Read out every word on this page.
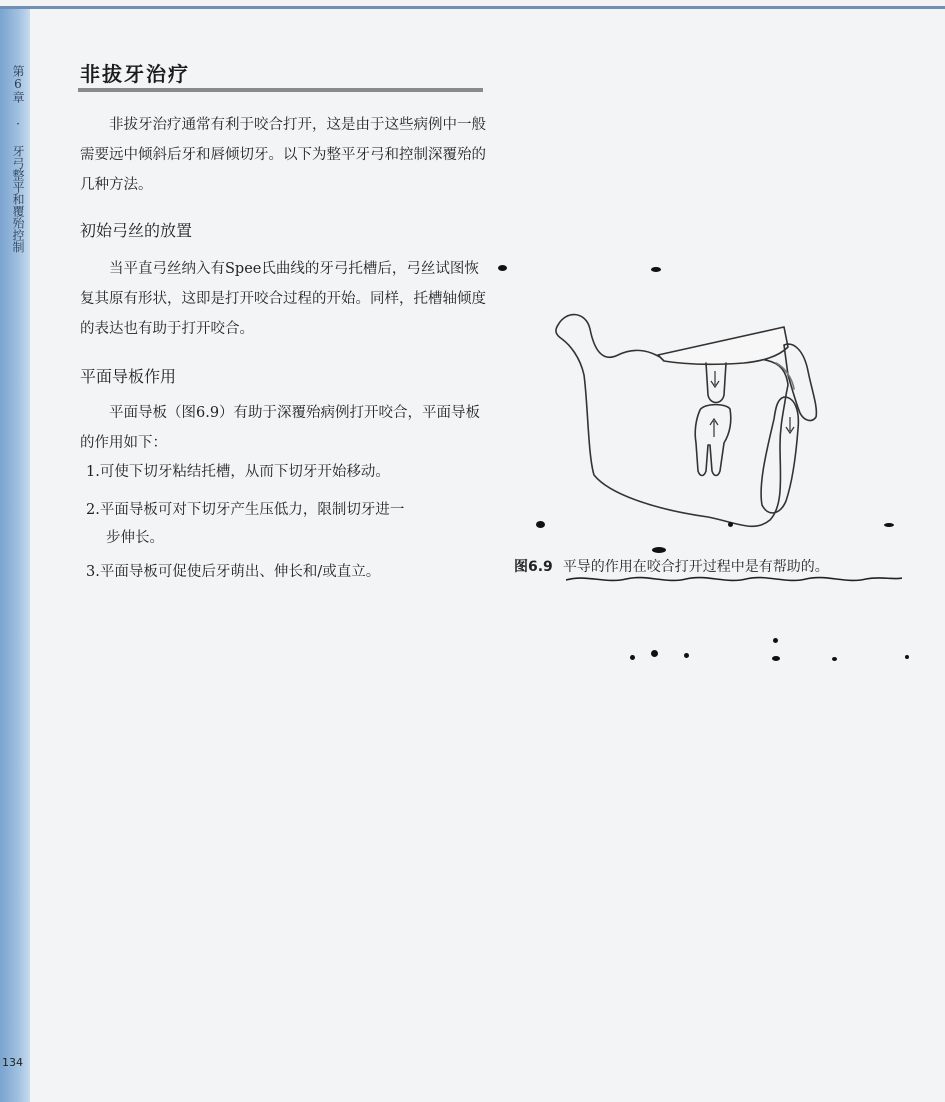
第6章 · 牙弓整平和覆殆控制
134
非拔牙治疗
非拔牙治疗通常有利于咬合打开，这是由于这些病例中一般需要远中倾斜后牙和唇倾切牙。以下为整平牙弓和控制深覆殆的几种方法。
初始弓丝的放置
当平直弓丝纳入有Spee氏曲线的牙弓托槽后，弓丝试图恢复其原有形状，这即是打开咬合过程的开始。同样，托槽轴倾度的表达也有助于打开咬合。
平面导板作用
平面导板（图6.9）有助于深覆殆病例打开咬合，平面导板的作用如下：
1.可使下切牙粘结托槽，从而下切牙开始移动。
2.平面导板可对下切牙产生压低力，限制切牙进一
步伸长。
3.平面导板可促使后牙萌出、伸长和/或直立。	图6.9 平导的作用在咬合打开过程中是有帮助的。
